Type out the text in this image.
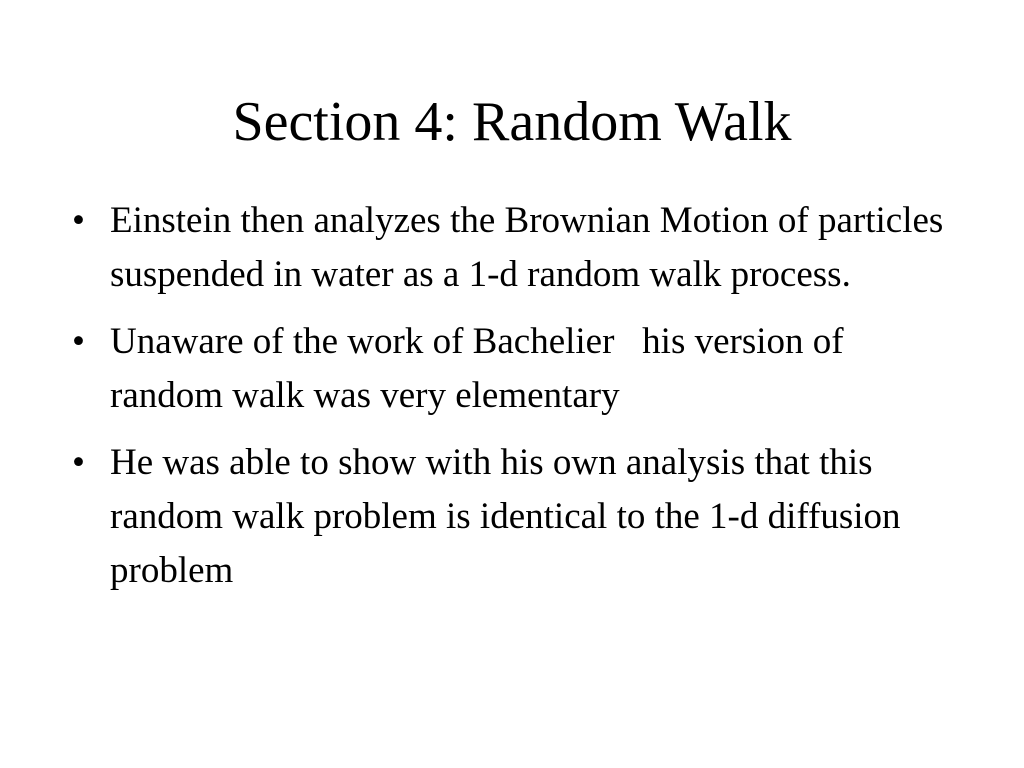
Section 4: Random Walk
• Einstein then analyzes the Brownian Motion of particles suspended in water as a 1-d random walk process.
• Unaware of the work of Bachelier   his version of random walk was very elementary
• He was able to show with his own analysis that this random walk problem is identical to the 1-d diffusion problem
